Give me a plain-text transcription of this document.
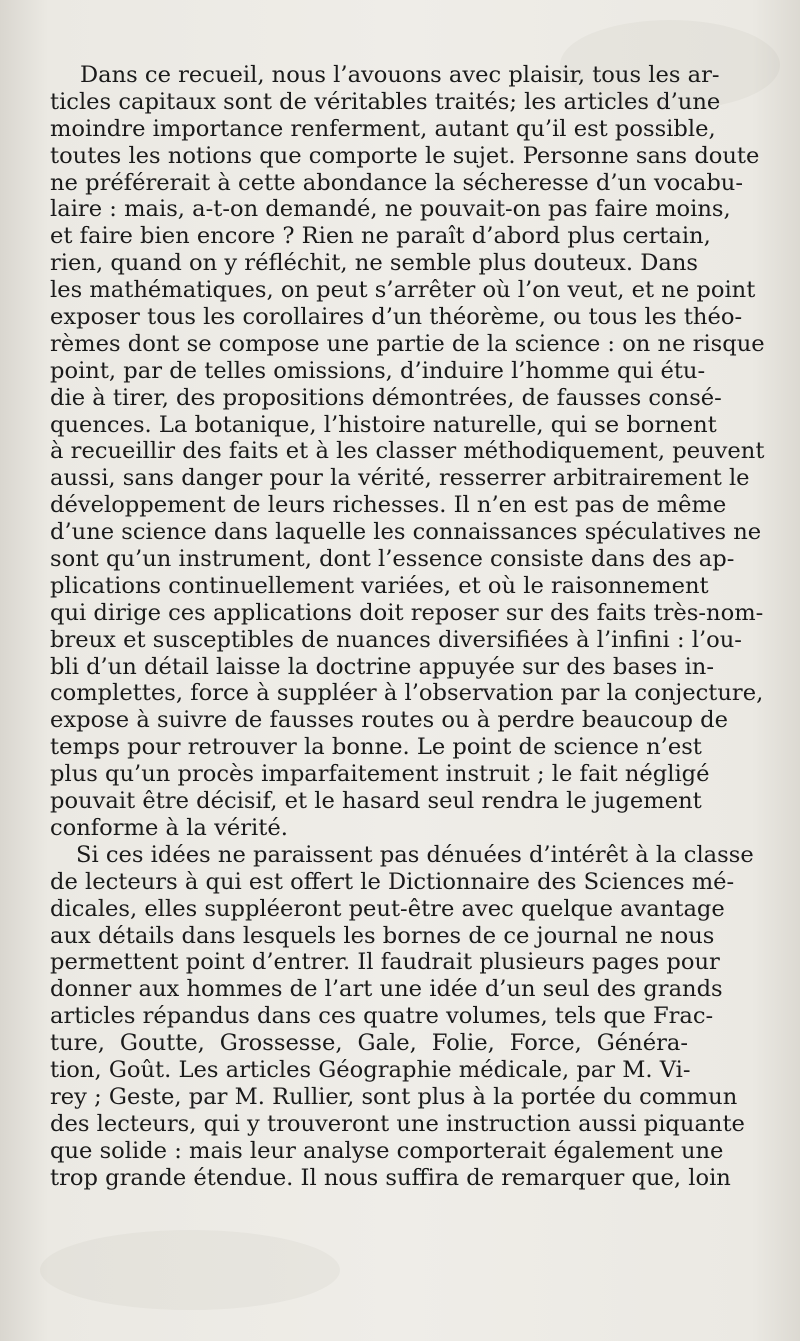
Dans ce recueil, nous l’avouons avec plaisir, tous les ar-
ticles capitaux sont de véritables traités; les articles d’une
moindre importance renferment, autant qu’il est possible,
toutes les notions que comporte le sujet. Personne sans doute
ne préférerait à cette abondance la sécheresse d’un vocabu-
laire : mais, a-t-on demandé, ne pouvait-on pas faire moins,
et faire bien encore ? Rien ne paraît d’abord plus certain,
rien, quand on y réfléchit, ne semble plus douteux. Dans
les mathématiques, on peut s’arrêter où l’on veut, et ne point
exposer tous les corollaires d’un théorème, ou tous les théo-
rèmes dont se compose une partie de la science : on ne risque
point, par de telles omissions, d’induire l’homme qui étu-
die à tirer, des propositions démontrées, de fausses consé-
quences. La botanique, l’histoire naturelle, qui se bornent
à recueillir des faits et à les classer méthodiquement, peuvent
aussi, sans danger pour la vérité, resserrer arbitrairement le
développement de leurs richesses. Il n’en est pas de même
d’une science dans laquelle les connaissances spéculatives ne
sont qu’un instrument, dont l’essence consiste dans des ap-
plications continuellement variées, et où le raisonnement
qui dirige ces applications doit reposer sur des faits très-nom-
breux et susceptibles de nuances diversifiées à l’infini : l’ou-
bli d’un détail laisse la doctrine appuyée sur des bases in-
complettes, force à suppléer à l’observation par la conjecture,
expose à suivre de fausses routes ou à perdre beaucoup de
temps pour retrouver la bonne. Le point de science n’est
plus qu’un procès imparfaitement instruit ; le fait négligé
pouvait être décisif, et le hasard seul rendra le jugement
conforme à la vérité.
Si ces idées ne paraissent pas dénuées d’intérêt à la classe
de lecteurs à qui est offert le Dictionnaire des Sciences mé-
dicales, elles suppléeront peut-être avec quelque avantage
aux détails dans lesquels les bornes de ce journal ne nous
permettent point d’entrer. Il faudrait plusieurs pages pour
donner aux hommes de l’art une idée d’un seul des grands
articles répandus dans ces quatre volumes, tels que Frac-
ture, Goutte, Grossesse, Gale, Folie, Force, Généra-
tion, Goût. Les articles Géographie médicale, par M. Vi-
rey ; Geste, par M. Rullier, sont plus à la portée du commun
des lecteurs, qui y trouveront une instruction aussi piquante
que solide : mais leur analyse comporterait également une
trop grande étendue. Il nous suffira de remarquer que, loin
